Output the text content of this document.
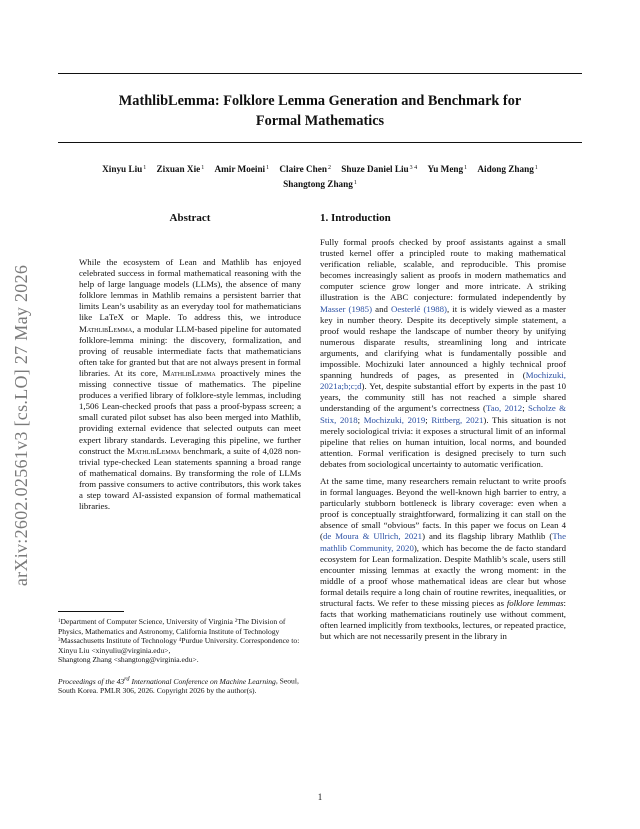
arXiv:2602.02561v3 [cs.LO] 27 May 2026
MathlibLemma: Folklore Lemma Generation and Benchmark for
Formal Mathematics
Xinyu Liu$^1$ Zixuan Xie$^1$ Amir Moeini$^1$ Claire Chen$^2$ Shuze Daniel Liu$^{3 4}$ Yu Meng$^1$ Aidong Zhang$^1$
Shangtong Zhang$^1$
Abstract

While the ecosystem of Lean and Mathlib has enjoyed celebrated success in formal mathematical reasoning with the help of large language models (LLMs), the absence of many folklore lemmas in Mathlib remains a persistent barrier that limits Lean’s usability as an everyday tool for mathematicians like LaTeX or Maple. To address this, we introduce MathlibLemma, a modular LLM-based pipeline for automated folklore-lemma mining: the discovery, formalization, and proving of reusable intermediate facts that mathematicians often take for granted but that are not always present in formal libraries. At its core, MathlibLemma proactively mines the missing connective tissue of mathematics. The pipeline produces a verified library of folklore-style lemmas, including 1,506 Lean-checked proofs that pass a proof-bypass screen; a small curated pilot subset has also been merged into Mathlib, providing external evidence that selected outputs can meet expert library standards. Leveraging this pipeline, we further construct the MathlibLemma benchmark, a suite of 4,028 non-trivial type-checked Lean statements spanning a broad range of mathematical domains. By transforming the role of LLMs from passive consumers to active contributors, this work takes a step toward AI-assisted expansion of formal mathematical libraries.

$^1$Department of Computer Science, University of Virginia $^2$The Division of Physics, Mathematics and Astronomy, California Institute of Technology $^3$Massachusetts Institute of Technology $^4$Purdue University. Correspondence to:
Xinyu Liu <xinyuliu@virginia.edu>,
Shangtong Zhang <shangtong@virginia.edu>.

Proceedings of the 43rd International Conference on Machine Learning, Seoul, South Korea. PMLR 306, 2026. Copyright 2026 by the author(s).

1. Introduction

Fully formal proofs checked by proof assistants against a small trusted kernel offer a principled route to making mathematical verification reliable, scalable, and reproducible. This promise becomes increasingly salient as proofs in modern mathematics and computer science grow longer and more intricate. A striking illustration is the ABC conjecture: formulated independently by Masser (1985) and Oesterlé (1988), it is widely viewed as a master key in number theory. Despite its deceptively simple statement, a proof would reshape the landscape of number theory by unifying numerous disparate results, streamlining long and intricate arguments, and clarifying what is fundamentally possible and impossible. Mochizuki later announced a highly technical proof spanning hundreds of pages, as presented in (Mochizuki, 2021a;b;c;d). Yet, despite substantial effort by experts in the past 10 years, the community still has not reached a simple shared understanding of the argument’s correctness (Tao, 2012; Scholze & Stix, 2018; Mochizuki, 2019; Rittberg, 2021). This situation is not merely sociological trivia: it exposes a structural limit of an informal pipeline that relies on human intuition, local norms, and bounded attention. Formal verification is designed precisely to turn such debates from sociological uncertainty to automatic verification.

At the same time, many researchers remain reluctant to write proofs in formal languages. Beyond the well-known high barrier to entry, a particularly stubborn bottleneck is library coverage: even when a proof is conceptually straightforward, formalizing it can stall on the absence of small “obvious” facts. In this paper we focus on Lean 4 (de Moura & Ullrich, 2021) and its flagship library Mathlib (The mathlib Community, 2020), which has become the de facto standard ecosystem for Lean formalization. Despite Mathlib’s scale, users still encounter missing lemmas at exactly the wrong moment: in the middle of a proof whose mathematical ideas are clear but whose formal details require a long chain of routine rewrites, inequalities, or structural facts. We refer to these missing pieces as folklore lemmas: facts that working mathematicians routinely use without comment, often learned implicitly from textbooks, lectures, or repeated practice, but which are not necessarily present in the library in

1
